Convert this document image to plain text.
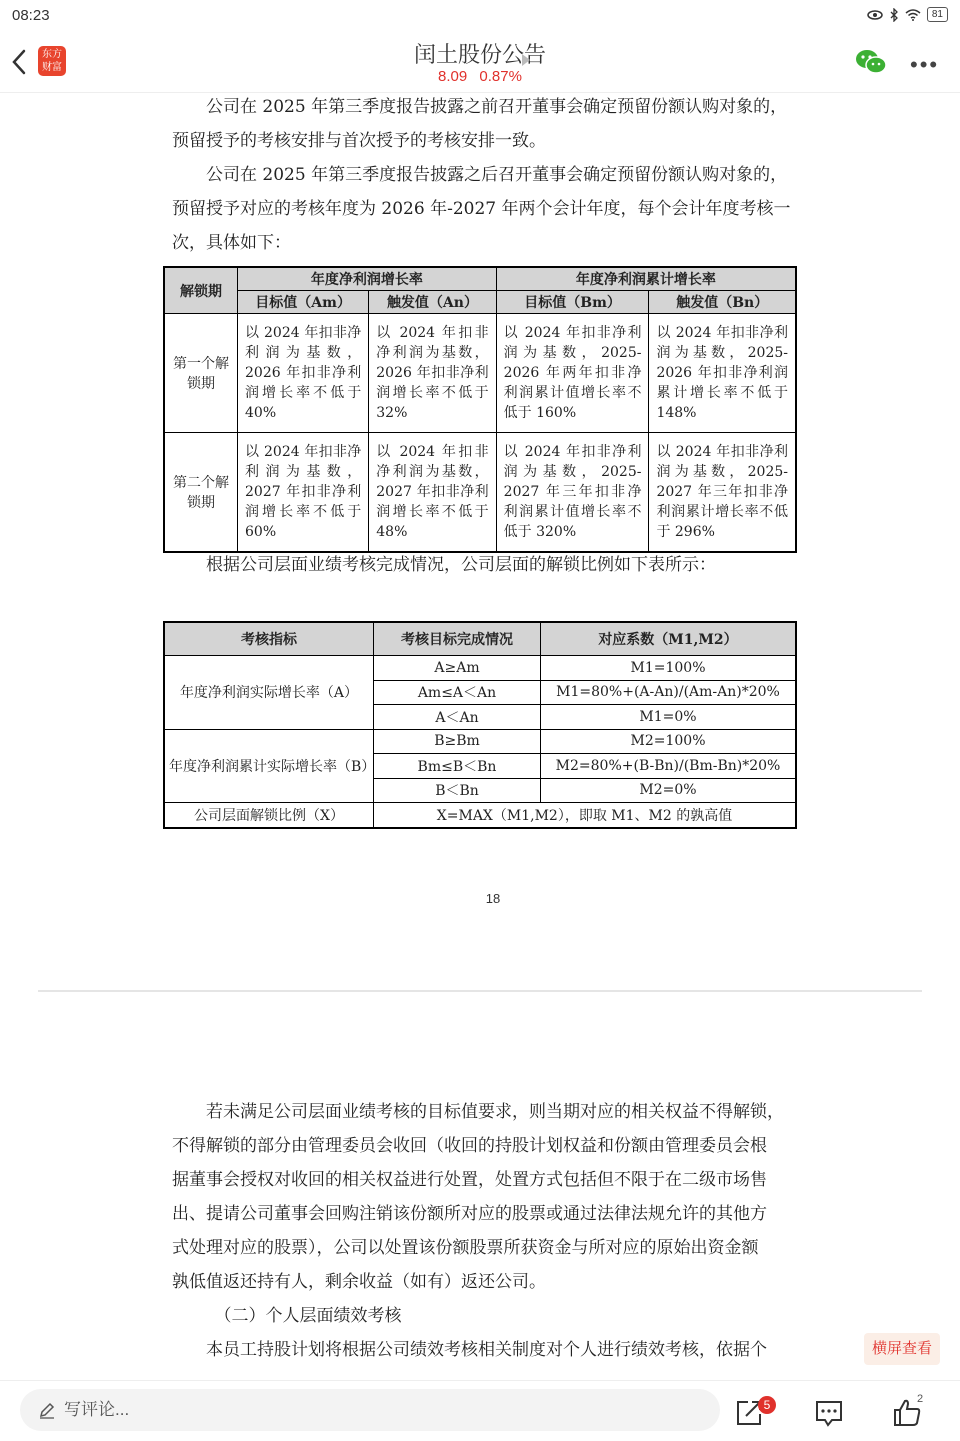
08:23	81
东方财富
闰土股份公告
8.09 0.87%	•••

公司在 2025 年第三季度报告披露之前召开董事会确定预留份额认购对象的，

预留授予的考核安排与首次授予的考核安排一致。

公司在 2025 年第三季度报告披露之后召开董事会确定预留份额认购对象的，

预留授予对应的考核年度为 2026 年-2027 年两个会计年度，每个会计年度考核一

次，具体如下：

解锁期	年度净利润增长率		年度净利润累计增长率	
	目标值（Am）	触发值（An）	目标值（Bm）	触发值（Bn）
第一个解锁期	以 2024 年扣非净利润为基数，2026 年扣非净利润增长率不低于 40%	以 2024 年扣非净利润为基数，2026 年扣非净利润增长率不低于 32%	以 2024 年扣非净利润为基数，2025-2026 年两年扣非净利润累计值增长率不低于 160%	以 2024 年扣非净利润为基数，2025-2026 年扣非净利润累计增长率不低于 148%
第二个解锁期	以 2024 年扣非净利润为基数，2027 年扣非净利润增长率不低于 60%	以 2024 年扣非净利润为基数，2027 年扣非净利润增长率不低于 48%	以 2024 年扣非净利润为基数，2025-2027 年三年扣非净利润累计值增长率不低于 320%	以 2024 年扣非净利润为基数，2025-2027 年三年扣非净利润累计增长率不低于 296%

根据公司层面业绩考核完成情况，公司层面的解锁比例如下表所示：

考核指标	考核目标完成情况	对应系数（M1,M2）
年度净利润实际增长率（A）	A≥Am	M1=100%
	Am≤A＜An	M1=80%+(A-An)/(Am-An)*20%
	A＜An	M1=0%
年度净利润累计实际增长率（B）	B≥Bm	M2=100%
	Bm≤B＜Bn	M2=80%+(B-Bn)/(Bm-Bn)*20%
	B＜Bn	M2=0%
公司层面解锁比例（X）	X=MAX（M1,M2），即取 M1、M2 的孰高值	
18

若未满足公司层面业绩考核的目标值要求，则当期对应的相关权益不得解锁，

不得解锁的部分由管理委员会收回（收回的持股计划权益和份额由管理委员会根

据董事会授权对收回的相关权益进行处置，处置方式包括但不限于在二级市场售

出、提请公司董事会回购注销该份额所对应的股票或通过法律法规允许的其他方

式处理对应的股票），公司以处置该份额股票所获资金与所对应的原始出资金额

孰低值返还持有人，剩余收益（如有）返还公司。

（二）个人层面绩效考核

本员工持股计划将根据公司绩效考核相关制度对个人进行绩效考核，依据个	横屏查看
写评论...	5	2
